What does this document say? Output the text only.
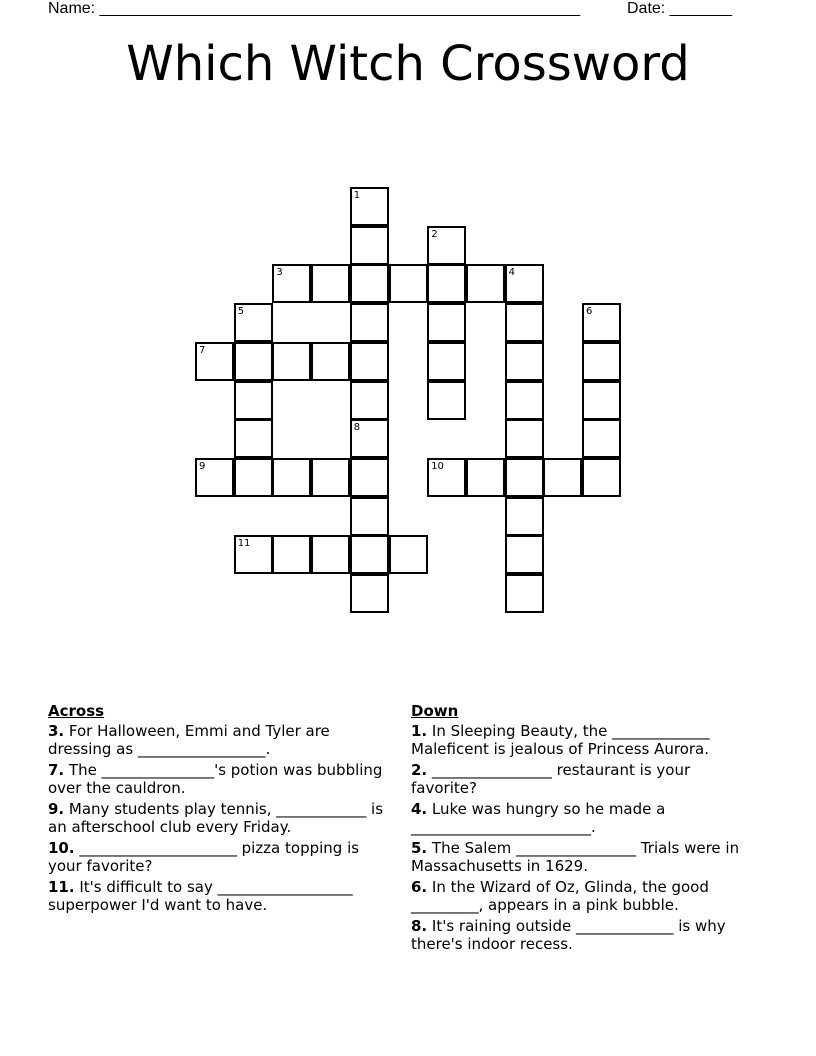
Name: ______________________________________________________	Date: _______
Which Witch Crossword
1
2
3	4
5	6
7
8
9	10
11
Across
3. For Halloween, Emmi and Tyler are dressing as _________________.
7. The _______________'s potion was bubbling over the cauldron.
9. Many students play tennis, ____________ is an afterschool club every Friday.
10. _____________________ pizza topping is your favorite?
11. It's difficult to say __________________ superpower I'd want to have.
Down
1. In Sleeping Beauty, the _____________ Maleficent is jealous of Princess Aurora.
2. ________________ restaurant is your favorite?
4. Luke was hungry so he made a ________________________.
5. The Salem ________________ Trials were in Massachusetts in 1629.
6. In the Wizard of Oz, Glinda, the good _________, appears in a pink bubble.
8. It's raining outside _____________ is why there's indoor recess.
